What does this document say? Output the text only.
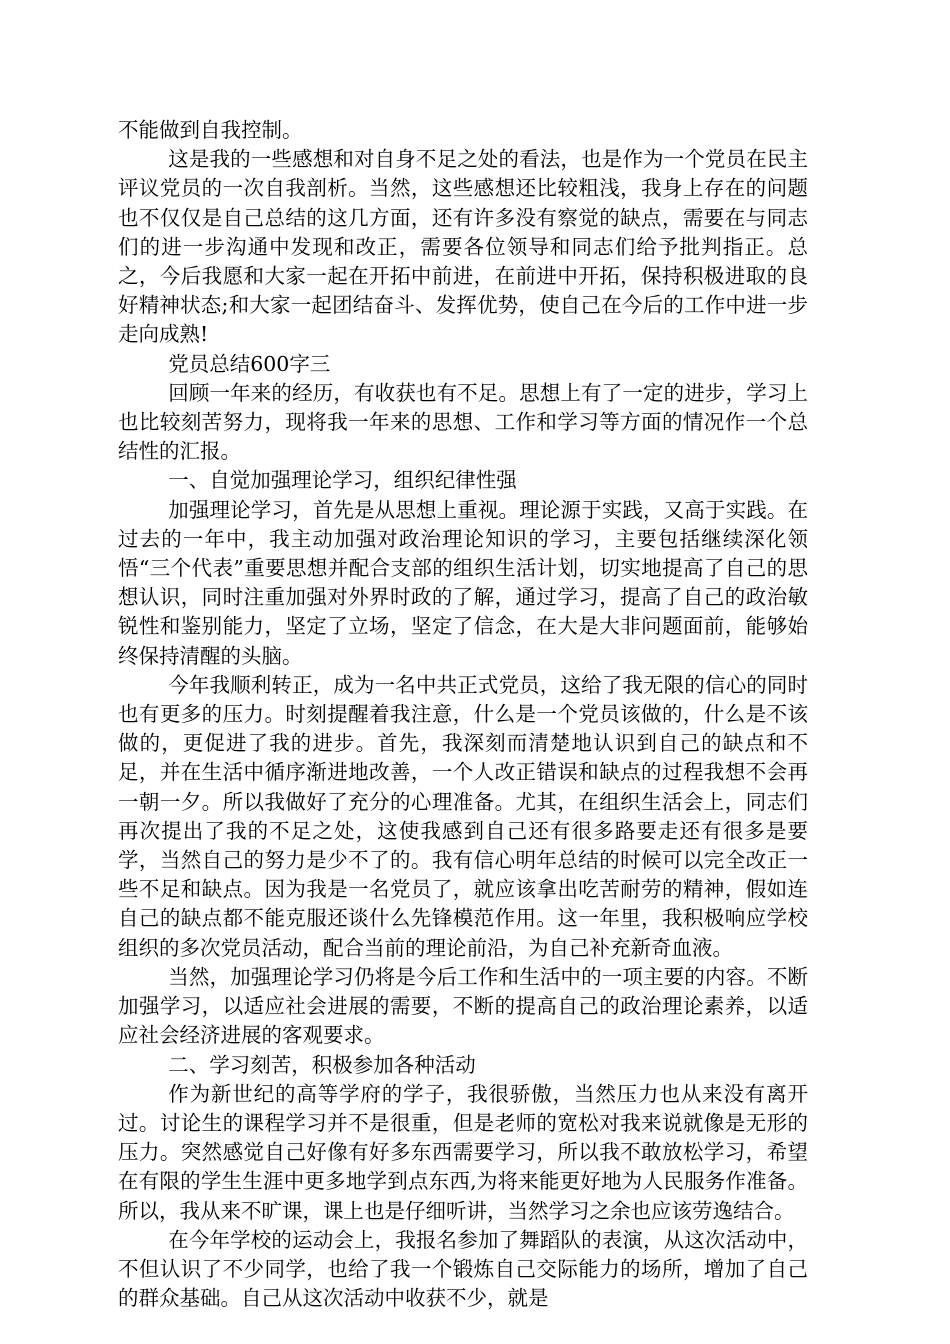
不能做到自我控制。

这是我的一些感想和对自身不足之处的看法，也是作为一个党员在民主评议党员的一次自我剖析。当然，这些感想还比较粗浅，我身上存在的问题也不仅仅是自己总结的这几方面，还有许多没有察觉的缺点，需要在与同志们的进一步沟通中发现和改正，需要各位领导和同志们给予批判指正。总之，今后我愿和大家一起在开拓中前进，在前进中开拓，保持积极进取的良好精神状态;和大家一起团结奋斗、发挥优势，使自己在今后的工作中进一步走向成熟!

党员总结600字三

回顾一年来的经历，有收获也有不足。思想上有了一定的进步，学习上也比较刻苦努力，现将我一年来的思想、工作和学习等方面的情况作一个总结性的汇报。

一、自觉加强理论学习，组织纪律性强

加强理论学习，首先是从思想上重视。理论源于实践，又高于实践。在过去的一年中，我主动加强对政治理论知识的学习，主要包括继续深化领悟“三个代表”重要思想并配合支部的组织生活计划，切实地提高了自己的思想认识，同时注重加强对外界时政的了解，通过学习，提高了自己的政治敏锐性和鉴别能力，坚定了立场，坚定了信念，在大是大非问题面前，能够始终保持清醒的头脑。

今年我顺利转正，成为一名中共正式党员，这给了我无限的信心的同时也有更多的压力。时刻提醒着我注意，什么是一个党员该做的，什么是不该做的，更促进了我的进步。首先，我深刻而清楚地认识到自己的缺点和不足，并在生活中循序渐进地改善，一个人改正错误和缺点的过程我想不会再一朝一夕。所以我做好了充分的心理准备。尤其，在组织生活会上，同志们再次提出了我的不足之处，这使我感到自己还有很多路要走还有很多是要学，当然自己的努力是少不了的。我有信心明年总结的时候可以完全改正一些不足和缺点。因为我是一名党员了，就应该拿出吃苦耐劳的精神，假如连自己的缺点都不能克服还谈什么先锋模范作用。这一年里，我积极响应学校组织的多次党员活动，配合当前的理论前沿，为自己补充新奇血液。

当然，加强理论学习仍将是今后工作和生活中的一项主要的内容。不断加强学习，以适应社会进展的需要，不断的提高自己的政治理论素养，以适应社会经济进展的客观要求。

二、学习刻苦，积极参加各种活动

作为新世纪的高等学府的学子，我很骄傲，当然压力也从来没有离开过。讨论生的课程学习并不是很重，但是老师的宽松对我来说就像是无形的压力。突然感觉自己好像有好多东西需要学习，所以我不敢放松学习，希望在有限的学生生涯中更多地学到点东西,为将来能更好地为人民服务作准备。所以，我从来不旷课，课上也是仔细听讲，当然学习之余也应该劳逸结合。

在今年学校的运动会上，我报名参加了舞蹈队的表演，从这次活动中，不但认识了不少同学，也给了我一个锻炼自己交际能力的场所，增加了自己的群众基础。自己从这次活动中收获不少，就是
